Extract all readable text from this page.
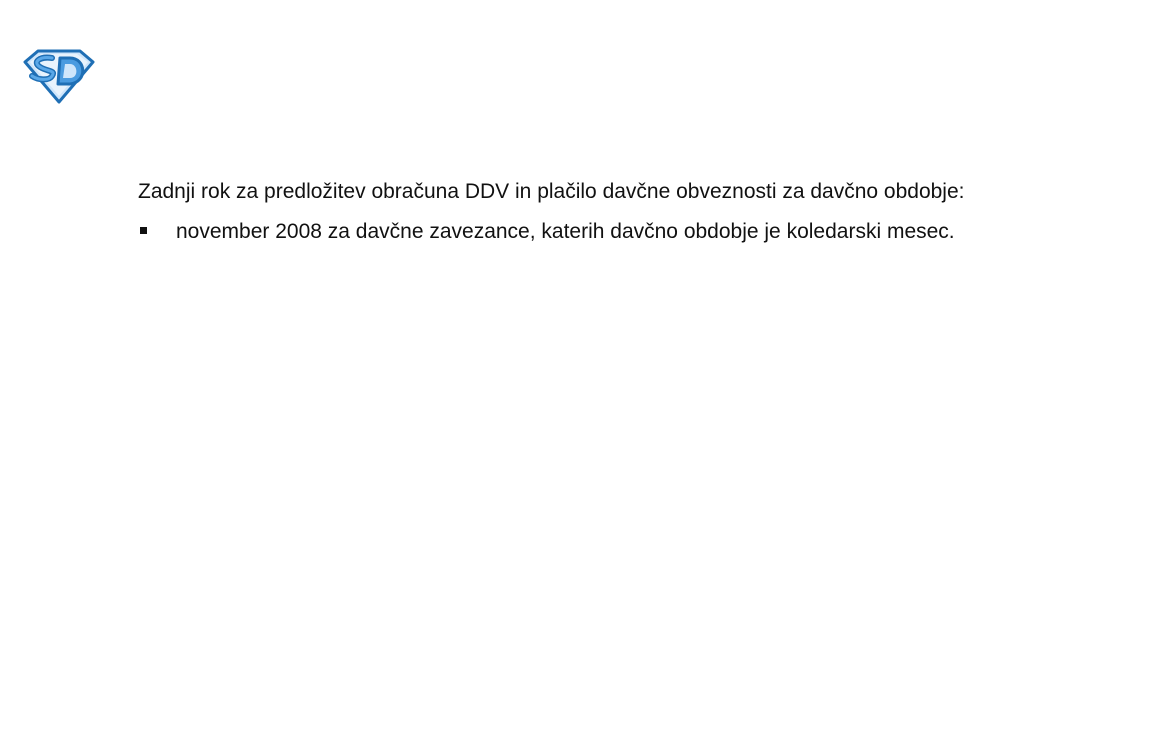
Zadnji rok za predložitev obračuna DDV in plačilo davčne obveznosti za davčno obdobje:

november 2008 za davčne zavezance, katerih davčno obdobje je koledarski mesec.
